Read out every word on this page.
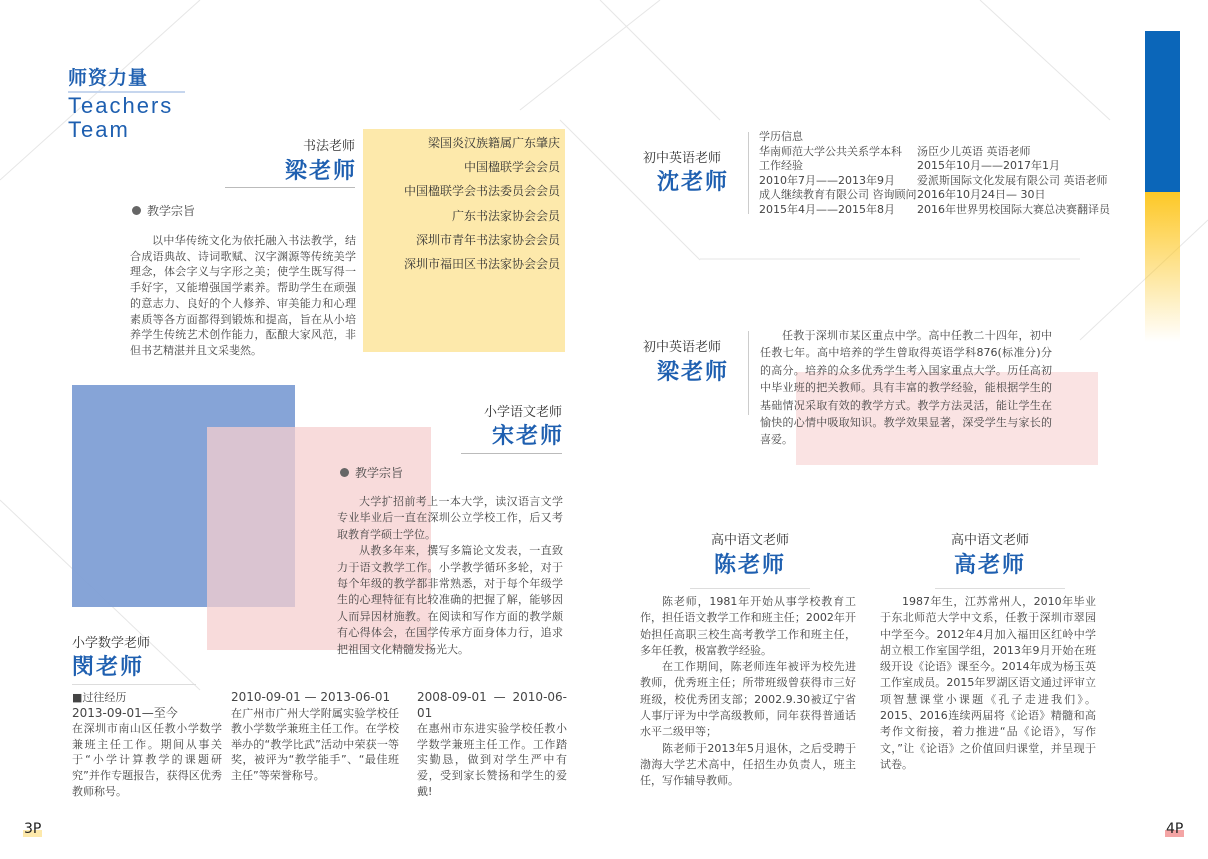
师资力量
Teachers
Team
梁国炎汉族籍属广东肇庆
中国楹联学会会员
中国楹联学会书法委员会会员
广东书法家协会会员
深圳市青年书法家协会会员
深圳市福田区书法家协会会员
书法老师
梁老师
教学宗旨
以中华传统文化为依托融入书法教学，结合成语典故、诗词歌赋、汉字渊源等传统美学理念，体会字义与字形之美；使学生既写得一手好字，又能增强国学素养。帮助学生在顽强的意志力、良好的个人修养、审美能力和心理素质等各方面都得到锻炼和提高，旨在从小培养学生传统艺术创作能力，酝酿大家风范，非但书艺精湛并且文采斐然。
小学语文老师
宋老师
教学宗旨
大学扩招前考上一本大学，读汉语言文学专业毕业后一直在深圳公立学校工作，后又考取教育学硕士学位。
从教多年来，撰写多篇论文发表，一直致力于语文教学工作。小学教学循环多轮，对于每个年级的教学都非常熟悉，对于每个年级学生的心理特征有比较准确的把握了解，能够因人而异因材施教。在阅读和写作方面的教学颇有心得体会，在国学传承方面身体力行，追求把祖国文化精髓发扬光大。
小学数学老师
閔老师
■过往经历
2013-09-01—至今
在深圳市南山区任教小学数学兼班主任工作。期间从事关于“小学计算教学的课题研究”并作专题报告，获得区优秀教师称号。
2010-09-01 — 2013-06-01
在广州市广州大学附属实验学校任教小学数学兼班主任工作。在学校举办的“教学比武”活动中荣获一等奖，被评为“教学能手”、“最佳班主任”等荣誉称号。
2008-09-01 — 2010-06-01
在惠州市东进实验学校任教小学数学兼班主任工作。工作踏实勤恳，做到对学生严中有爱，受到家长赞扬和学生的爱戴!
初中英语老师
沈老师
学历信息
华南师范大学公共关系学本科
工作经验
2010年7月——2013年9月
成人继续教育有限公司 咨询顾问
2015年4月——2015年8月
汤臣少儿英语 英语老师
2015年10月——2017年1月
爱派斯国际文化发展有限公司 英语老师
2016年10月24日— 30日
2016年世界男校国际大赛总决赛翻译员
初中英语老师
梁老师
任教于深圳市某区重点中学。高中任教二十四年，初中任教七年。高中培养的学生曾取得英语学科876(标准分)分的高分。培养的众多优秀学生考入国家重点大学。历任高初中毕业班的把关教师。具有丰富的教学经验，能根据学生的基础情况采取有效的教学方式。教学方法灵活，能让学生在愉快的心情中吸取知识。教学效果显著，深受学生与家长的喜爱。
高中语文老师
陈老师
陈老师，1981年开始从事学校教育工作，担任语文教学工作和班主任；2002年开始担任高职三校生高考教学工作和班主任，多年任教，极富教学经验。
在工作期间，陈老师连年被评为校先进教师，优秀班主任；所带班级曾获得市三好班级，校优秀团支部；2002.9.30被辽宁省人事厅评为中学高级教师，同年获得普通话水平二级甲等；
陈老师于2013年5月退休，之后受聘于渤海大学艺术高中，任招生办负责人，班主任，写作辅导教师。
高中语文老师
高老师
1987年生，江苏常州人，2010年毕业于东北师范大学中文系，任教于深圳市翠园中学至今。2012年4月加入福田区红岭中学胡立根工作室国学组，2013年9月开始在班级开设《论语》课至今。2014年成为杨玉英工作室成员。2015年罗湖区语文通过评审立项智慧课堂小课题《孔子走进我们》。2015、2016连续两届将《论语》精髓和高考作文衔接，着力推进“品《论语》，写作文，”让《论语》之价值回归课堂，并呈现于试卷。
3P	4P
